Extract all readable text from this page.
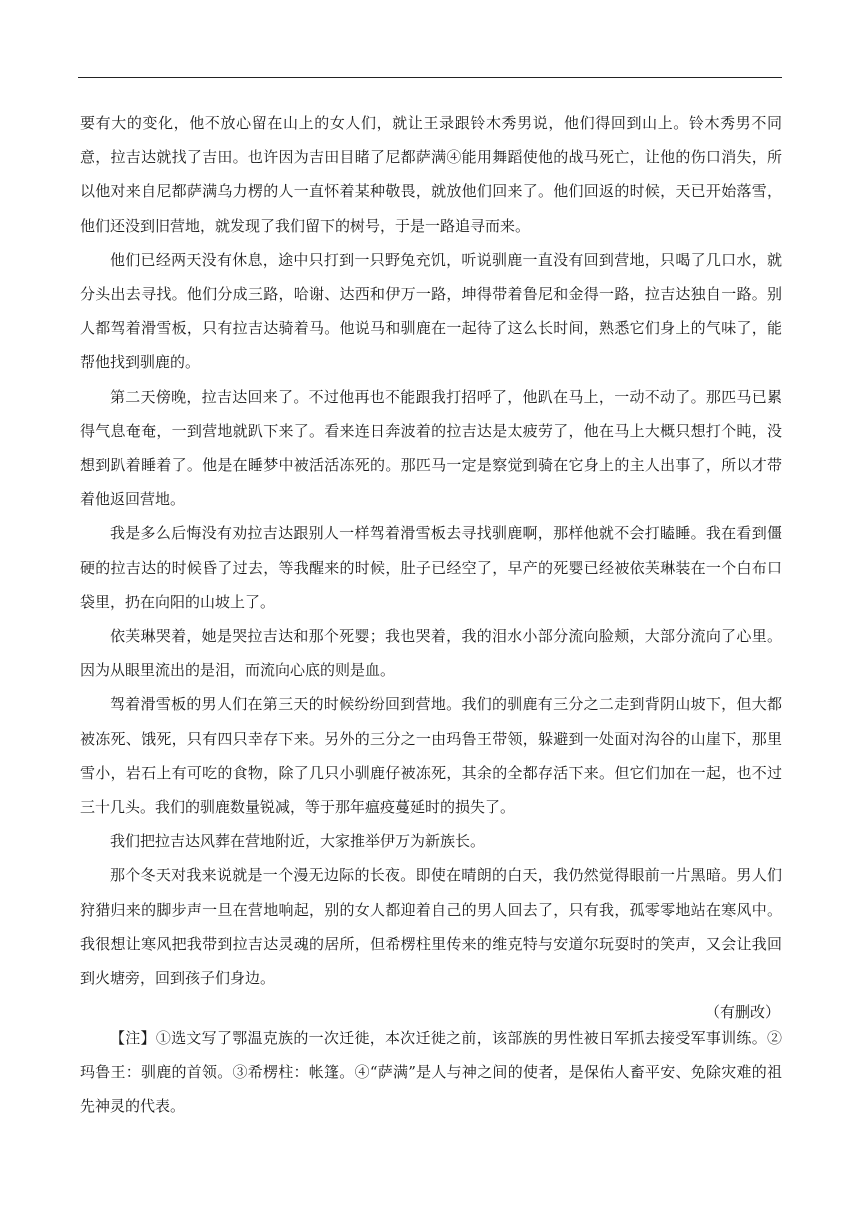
要有大的变化，他不放心留在山上的女人们，就让王录跟铃木秀男说，他们得回到山上。铃木秀男不同意，拉吉达就找了吉田。也许因为吉田目睹了尼都萨满④能用舞蹈使他的战马死亡，让他的伤口消失，所以他对来自尼都萨满乌力楞的人一直怀着某种敬畏，就放他们回来了。他们回返的时候，天已开始落雪，他们还没到旧营地，就发现了我们留下的树号，于是一路追寻而来。

他们已经两天没有休息，途中只打到一只野兔充饥，听说驯鹿一直没有回到营地，只喝了几口水，就分头出去寻找。他们分成三路，哈谢、达西和伊万一路，坤得带着鲁尼和金得一路，拉吉达独自一路。别人都驾着滑雪板，只有拉吉达骑着马。他说马和驯鹿在一起待了这么长时间，熟悉它们身上的气味了，能帮他找到驯鹿的。

第二天傍晚，拉吉达回来了。不过他再也不能跟我打招呼了，他趴在马上，一动不动了。那匹马已累得气息奄奄，一到营地就趴下来了。看来连日奔波着的拉吉达是太疲劳了，他在马上大概只想打个盹，没想到趴着睡着了。他是在睡梦中被活活冻死的。那匹马一定是察觉到骑在它身上的主人出事了，所以才带着他返回营地。

我是多么后悔没有劝拉吉达跟别人一样驾着滑雪板去寻找驯鹿啊，那样他就不会打瞌睡。我在看到僵硬的拉吉达的时候昏了过去，等我醒来的时候，肚子已经空了，早产的死婴已经被依芙琳装在一个白布口袋里，扔在向阳的山坡上了。

依芙琳哭着，她是哭拉吉达和那个死婴；我也哭着，我的泪水小部分流向脸颊，大部分流向了心里。因为从眼里流出的是泪，而流向心底的则是血。

驾着滑雪板的男人们在第三天的时候纷纷回到营地。我们的驯鹿有三分之二走到背阴山坡下，但大都被冻死、饿死，只有四只幸存下来。另外的三分之一由玛鲁王带领，躲避到一处面对沟谷的山崖下，那里雪小，岩石上有可吃的食物，除了几只小驯鹿仔被冻死，其余的全都存活下来。但它们加在一起，也不过三十几头。我们的驯鹿数量锐减，等于那年瘟疫蔓延时的损失了。

我们把拉吉达风葬在营地附近，大家推举伊万为新族长。

那个冬天对我来说就是一个漫无边际的长夜。即使在晴朗的白天，我仍然觉得眼前一片黑暗。男人们狩猎归来的脚步声一旦在营地响起，别的女人都迎着自己的男人回去了，只有我，孤零零地站在寒风中。我很想让寒风把我带到拉吉达灵魂的居所，但希楞柱里传来的维克特与安道尔玩耍时的笑声，又会让我回到火塘旁，回到孩子们身边。

（有删改）

【注】①选文写了鄂温克族的一次迁徙，本次迁徙之前，该部族的男性被日军抓去接受军事训练。②玛鲁王：驯鹿的首领。③希楞柱：帐篷。④“萨满”是人与神之间的使者，是保佑人畜平安、免除灾难的祖先神灵的代表。
